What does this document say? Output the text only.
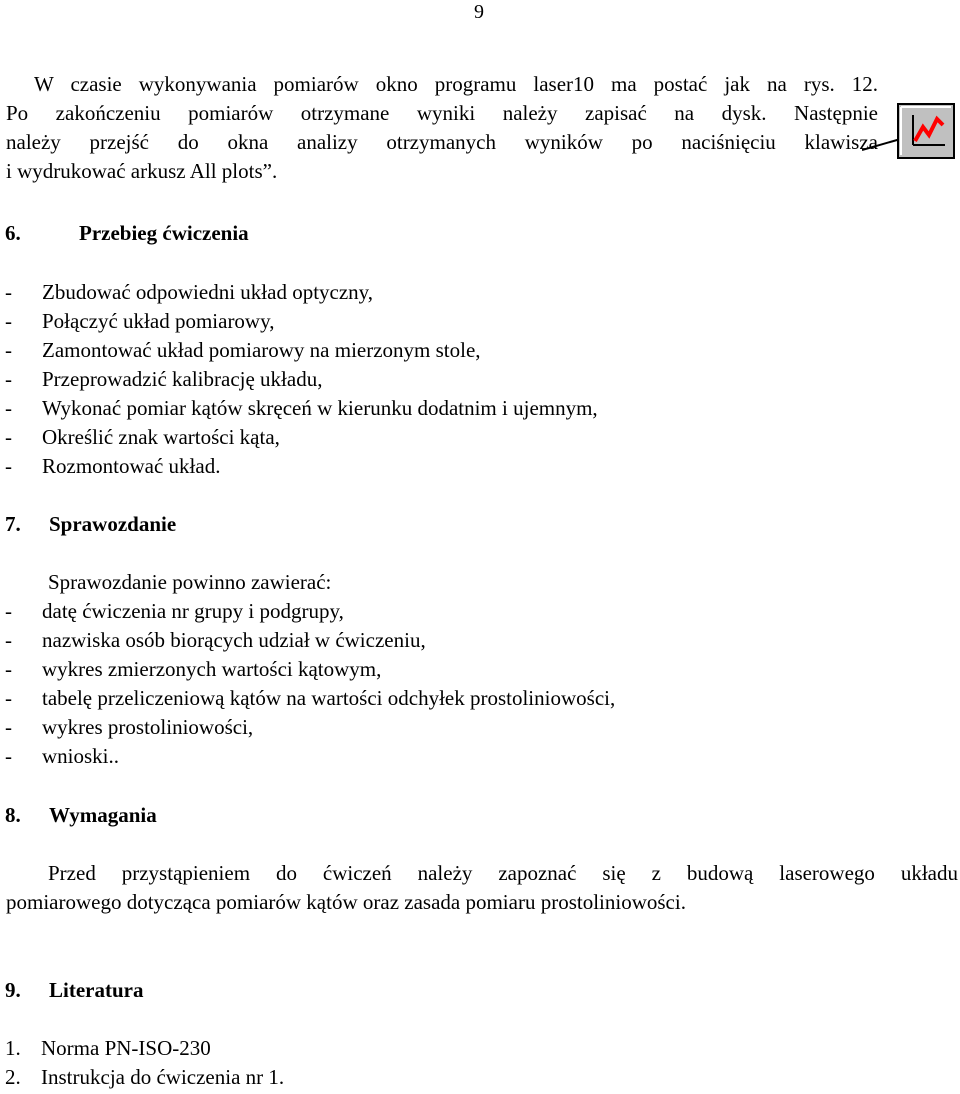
9
W czasie wykonywania pomiarów okno programu laser10 ma postać jak na rys. 12.
Po zakończeniu pomiarów otrzymane wyniki należy zapisać na dysk. Następnie
należy przejść do okna analizy otrzymanych wyników po naciśnięciu klawisza
i wydrukować arkusz All plots”.
6.	Przebieg ćwiczenia
-	Zbudować odpowiedni układ optyczny,
-	Połączyć układ pomiarowy,
-	Zamontować układ pomiarowy na mierzonym stole,
-	Przeprowadzić kalibrację układu,
-	Wykonać pomiar kątów skręceń w kierunku dodatnim i ujemnym,
-	Określić znak wartości kąta,
-	Rozmontować układ.
7.	Sprawozdanie
Sprawozdanie powinno zawierać:
-	datę ćwiczenia nr grupy i podgrupy,
-	nazwiska osób biorących udział w ćwiczeniu,
-	wykres zmierzonych wartości kątowym,
-	tabelę przeliczeniową kątów na wartości odchyłek prostoliniowości,
-	wykres prostoliniowości,
-	wnioski..
8.	Wymagania
Przed przystąpieniem do ćwiczeń należy zapoznać się z budową laserowego układu
pomiarowego dotycząca pomiarów kątów oraz zasada pomiaru prostoliniowości.
9.	Literatura
1. Norma PN-ISO-230
2. Instrukcja do ćwiczenia nr 1.
